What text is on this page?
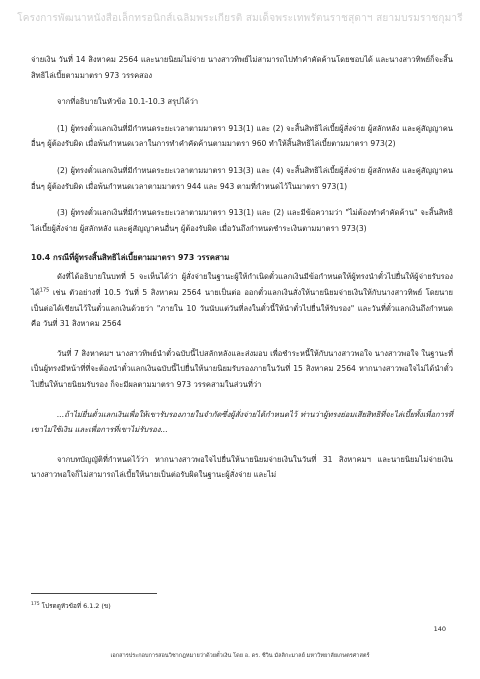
โครงการพัฒนาหนังสือเล็กทรอนิกส์เฉลิมพระเกียรติ สมเด็จพระเทพรัตนราชสุดาฯ สยามบรมราชกุมารี

จ่ายเงิน วันที่ 14 สิงหาคม 2564 และนายนิยมไม่จ่าย นางสาวทิพย์ไม่สามารถไปทำคำคัดค้านโดยชอบได้ และนางสาวทิพย์ก็จะสิ้นสิทธิไล่เบี้ยตามมาตรา 973 วรรคสอง

จากที่อธิบายในหัวข้อ 10.1-10.3 สรุปได้ว่า

(1) ผู้ทรงตั๋วแลกเงินที่มีกำหนดระยะเวลาตามมาตรา 913(1) และ (2) จะสิ้นสิทธิไล่เบี้ยผู้สั่งจ่าย ผู้สลักหลัง และคู่สัญญาคนอื่นๆ ผู้ต้องรับผิด เมื่อพ้นกำหนดเวลาในการทำคำคัดค้านตามมาตรา 960 ทำให้สิ้นสิทธิไล่เบี้ยตามมาตรา 973(2)

(2) ผู้ทรงตั๋วแลกเงินที่มีกำหนดระยะเวลาตามมาตรา 913(3) และ (4) จะสิ้นสิทธิไล่เบี้ยผู้สั่งจ่าย ผู้สลักหลัง และคู่สัญญาคนอื่นๆ ผู้ต้องรับผิด เมื่อพ้นกำหนดเวลาตามมาตรา 944 และ 943 ตามที่กำหนดไว้ในมาตรา 973(1)

(3) ผู้ทรงตั๋วแลกเงินที่มีกำหนดระยะเวลาตามมาตรา 913(1) และ (2) และมีข้อความว่า "ไม่ต้องทำคำคัดค้าน" จะสิ้นสิทธิไล่เบี้ยผู้สั่งจ่าย ผู้สลักหลัง และคู่สัญญาคนอื่นๆ ผู้ต้องรับผิด เมื่อวันถึงกำหนดชำระเงินตามมาตรา 973(3)

10.4 กรณีที่ผู้ทรงสิ้นสิทธิไล่เบี้ยตามมาตรา 973 วรรคสาม

ดังที่ได้อธิบายในบทที่ 5 จะเห็นได้ว่า ผู้สั่งจ่ายในฐานะผู้ให้กำเนิดตั๋วแลกเงินมีข้อกำหนดให้ผู้ทรงนำตั๋วไปยื่นให้ผู้จ่ายรับรองได้$^{175}$ เช่น ตัวอย่างที่ 10.5 วันที่ 5 สิงหาคม 2564 นายเป็นต่อ ออกตั๋วแลกเงินสั่งให้นายนิยมจ่ายเงินให้กับนางสาวทิพย์ โดยนายเป็นต่อได้เขียนไว้ในตั๋วแลกเงินด้วยว่า "ภายใน 10 วันนับแต่วันที่ลงในตั๋วนี้ให้นำตั๋วไปยื่นให้รับรอง" และวันที่ตั๋วแลกเงินถึงกำหนด คือ วันที่ 31 สิงหาคม 2564

วันที่ 7 สิงหาคมฯ นางสาวทิพย์นำตั๋วฉบับนี้ไปสลักหลังและส่งมอบ เพื่อชำระหนี้ให้กับนางสาวพอใจ นางสาวพอใจ ในฐานะที่เป็นผู้ทรงมีหน้าที่ที่จะต้องนำตั๋วแลกเงินฉบับนี้ไปยื่นให้นายนิยมรับรองภายในวันที่ 15 สิงหาคม 2564 หากนางสาวพอใจไม่ได้นำตั๋วไปยื่นให้นายนิยมรับรอง ก็จะมีผลตามมาตรา 973 วรรคสามในส่วนที่ว่า

...ถ้าไม่ยื่นตั๋วแลกเงินเพื่อให้เขารับรองภายในจำกัดซึ่งผู้สั่งจ่ายได้กำหนดไว้ ท่านว่าผู้ทรงย่อมเสียสิทธิที่จะไล่เบี้ยทั้งเพื่อการที่เขาไม่ใช้เงิน และเพื่อการที่เขาไม่รับรอง...

จากบทบัญญัติที่กำหนดไว้ว่า หากนางสาวพอใจไปยื่นให้นายนิยมจ่ายเงินในวันที่ 31 สิงหาคมฯ และนายนิยมไม่จ่ายเงิน นางสาวพอใจก็ไม่สามารถไล่เบี้ยให้นายเป็นต่อรับผิดในฐานะผู้สั่งจ่าย และไม่

$^{175}$ โปรดดูหัวข้อที่ 6.1.2 (ข)
140
เอกสารประกอบการสอนวิชากฎหมายว่าด้วยตั๋วเงิน โดย อ. ดร. ชีวิน มัลลิกะมาลย์ มหาวิทยาลัยเกษตรศาสตร์
